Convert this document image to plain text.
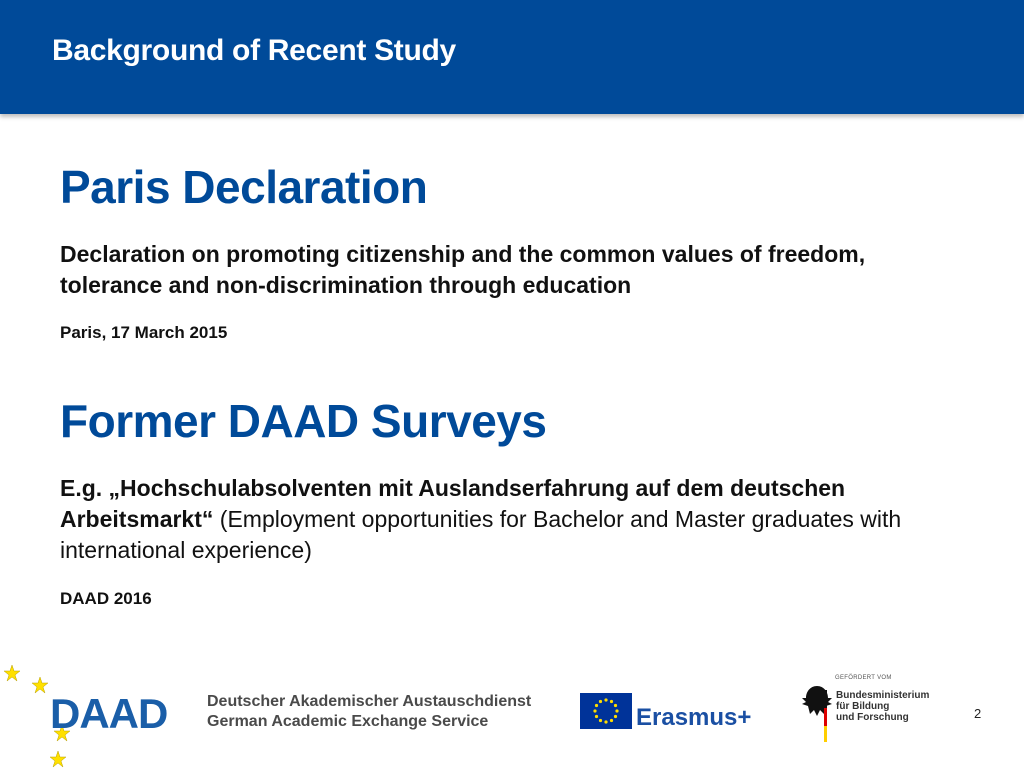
Background of Recent Study
Paris Declaration
Declaration on promoting citizenship and the common values of freedom,
tolerance and non-discrimination through education
Paris, 17 March 2015
Former DAAD Surveys
E.g. „Hochschulabsolventen mit Auslandserfahrung auf dem deutschen Arbeitsmarkt“ (Employment opportunities for Bachelor and Master graduates with international experience)
DAAD 2016
DAAD Deutscher Akademischer Austauschdienst
German Academic Exchange Service	Erasmus+
GEFÖRDERT VOM
Bundesministerium
für Bildung
und Forschung	2
